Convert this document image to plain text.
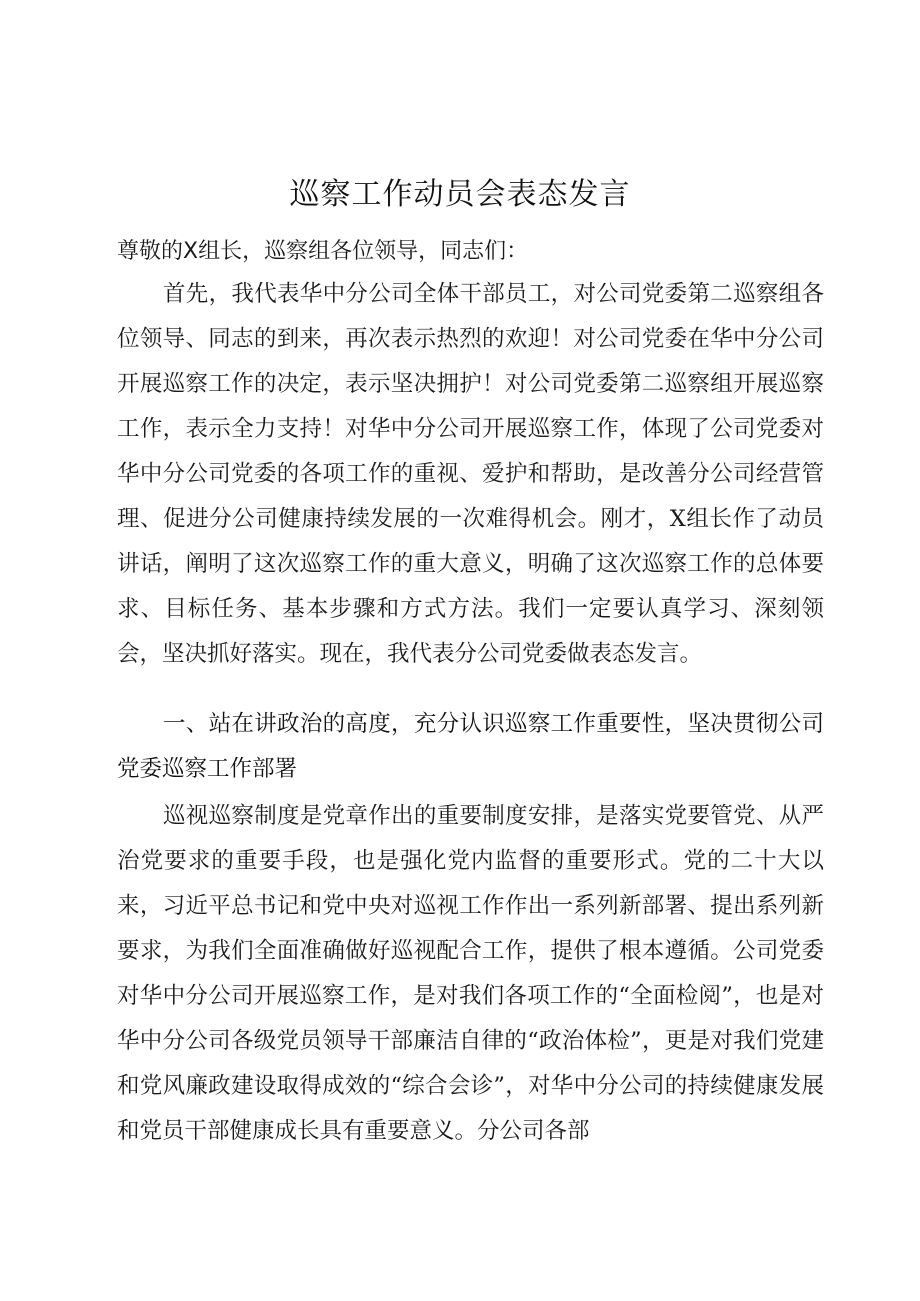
巡察工作动员会表态发言

尊敬的X组长，巡察组各位领导，同志们：

首先，我代表华中分公司全体干部员工，对公司党委第二巡察组各位领导、同志的到来，再次表示热烈的欢迎！对公司党委在华中分公司开展巡察工作的决定，表示坚决拥护！对公司党委第二巡察组开展巡察工作，表示全力支持！对华中分公司开展巡察工作，体现了公司党委对华中分公司党委的各项工作的重视、爱护和帮助，是改善分公司经营管理、促进分公司健康持续发展的一次难得机会。刚才，X组长作了动员讲话，阐明了这次巡察工作的重大意义，明确了这次巡察工作的总体要求、目标任务、基本步骤和方式方法。我们一定要认真学习、深刻领会，坚决抓好落实。现在，我代表分公司党委做表态发言。

一、站在讲政治的高度，充分认识巡察工作重要性，坚决贯彻公司党委巡察工作部署

巡视巡察制度是党章作出的重要制度安排，是落实党要管党、从严治党要求的重要手段，也是强化党内监督的重要形式。党的二十大以来，习近平总书记和党中央对巡视工作作出一系列新部署、提出系列新要求，为我们全面准确做好巡视配合工作，提供了根本遵循。公司党委对华中分公司开展巡察工作，是对我们各项工作的“全面检阅”，也是对华中分公司各级党员领导干部廉洁自律的“政治体检”，更是对我们党建和党风廉政建设取得成效的“综合会诊”，对华中分公司的持续健康发展和党员干部健康成长具有重要意义。分公司各部
